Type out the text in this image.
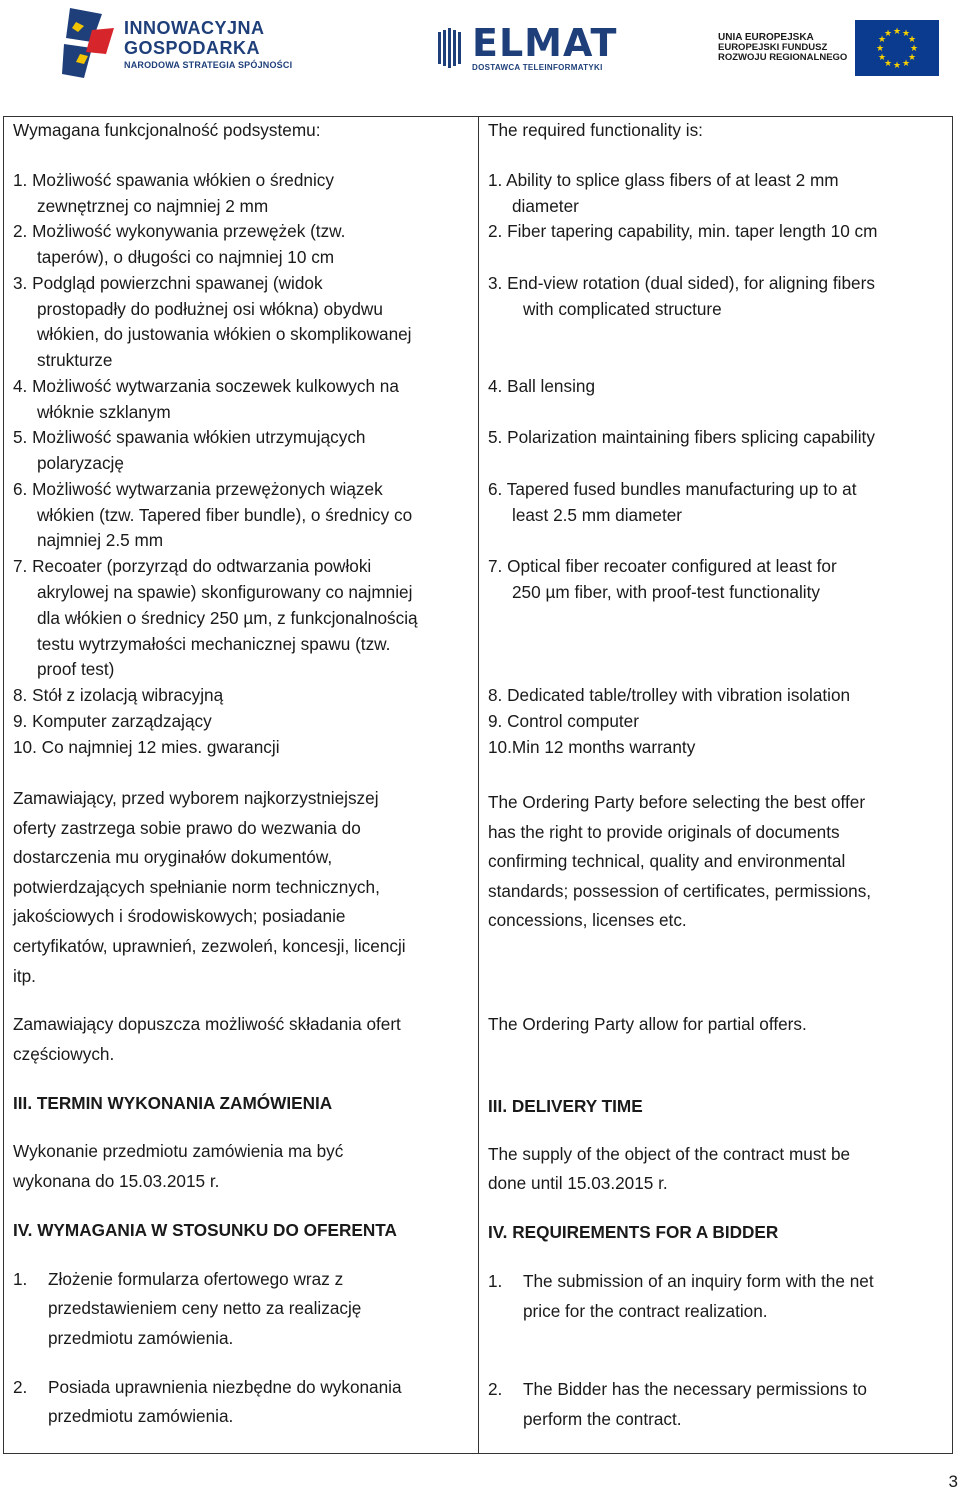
INNOWACYJNA
GOSPODARKA
NARODOWA STRATEGIA SPÓJNOŚCI	ELMAT
DOSTAWCA TELEINFORMATYKI
UNIA EUROPEJSKA
EUROPEJSKI FUNDUSZ
ROZWOJU REGIONALNEGO
★ ★
★
★
★
★
★
★
★
★
★
★
Wymagana funkcjonalność podsystemu:
1. Możliwość spawania włókien o średnicy
zewnętrznej co najmniej 2 mm
2. Możliwość wykonywania przewężek (tzw.
taperów), o długości co najmniej 10 cm
3. Podgląd powierzchni spawanej (widok
prostopadły do podłużnej osi włókna) obydwu
włókien, do justowania włókien o skomplikowanej
strukturze
4. Możliwość wytwarzania soczewek kulkowych na
włóknie szklanym
5. Możliwość spawania włókien utrzymujących
polaryzację
6. Możliwość wytwarzania przewężonych wiązek
włókien (tzw. Tapered fiber bundle), o średnicy co
najmniej 2.5 mm
7. Recoater (porzyrząd do odtwarzania powłoki
akrylowej na spawie) skonfigurowany co najmniej
dla włókien o średnicy 250 µm, z funkcjonalnością
testu wytrzymałości mechanicznej spawu (tzw.
proof test)
8. Stół z izolacją wibracyjną
9. Komputer zarządzający
10. Co najmniej 12 mies. gwarancji
Zamawiający, przed wyborem najkorzystniejszej
oferty zastrzega sobie prawo do wezwania do
dostarczenia mu oryginałów dokumentów,
potwierdzających spełnianie norm technicznych,
jakościowych i środowiskowych; posiadanie
certyfikatów, uprawnień, zezwoleń, koncesji, licencji
itp.
Zamawiający dopuszcza możliwość składania ofert
częściowych.
III. TERMIN WYKONANIA ZAMÓWIENIA
Wykonanie przedmiotu zamówienia ma być
wykonana do 15.03.2015 r.
IV. WYMAGANIA W STOSUNKU DO OFERENTA
1. Złożenie formularza ofertowego wraz z
przedstawieniem ceny netto za realizację
przedmiotu zamówienia.
2. Posiada uprawnienia niezbędne do wykonania
przedmiotu zamówienia.
The required functionality is:
1. Ability to splice glass fibers of at least 2 mm
diameter
2. Fiber tapering capability, min. taper length 10 cm
3. End-view rotation (dual sided), for aligning fibers
with complicated structure
4. Ball lensing
5. Polarization maintaining fibers splicing capability
6. Tapered fused bundles manufacturing up to at
least 2.5 mm diameter
7. Optical fiber recoater configured at least for
250 µm fiber, with proof-test functionality
8. Dedicated table/trolley with vibration isolation
9. Control computer
10.Min 12 months warranty
The Ordering Party before selecting the best offer
has the right to provide originals of documents
confirming technical, quality and environmental
standards; possession of certificates, permissions,
concessions, licenses etc.
The Ordering Party allow for partial offers.
III. DELIVERY TIME
The supply of the object of the contract must be
done until 15.03.2015 r.
IV. REQUIREMENTS FOR A BIDDER
1. The submission of an inquiry form with the net
price for the contract realization.
2. The Bidder has the necessary permissions to
perform the contract.
3
